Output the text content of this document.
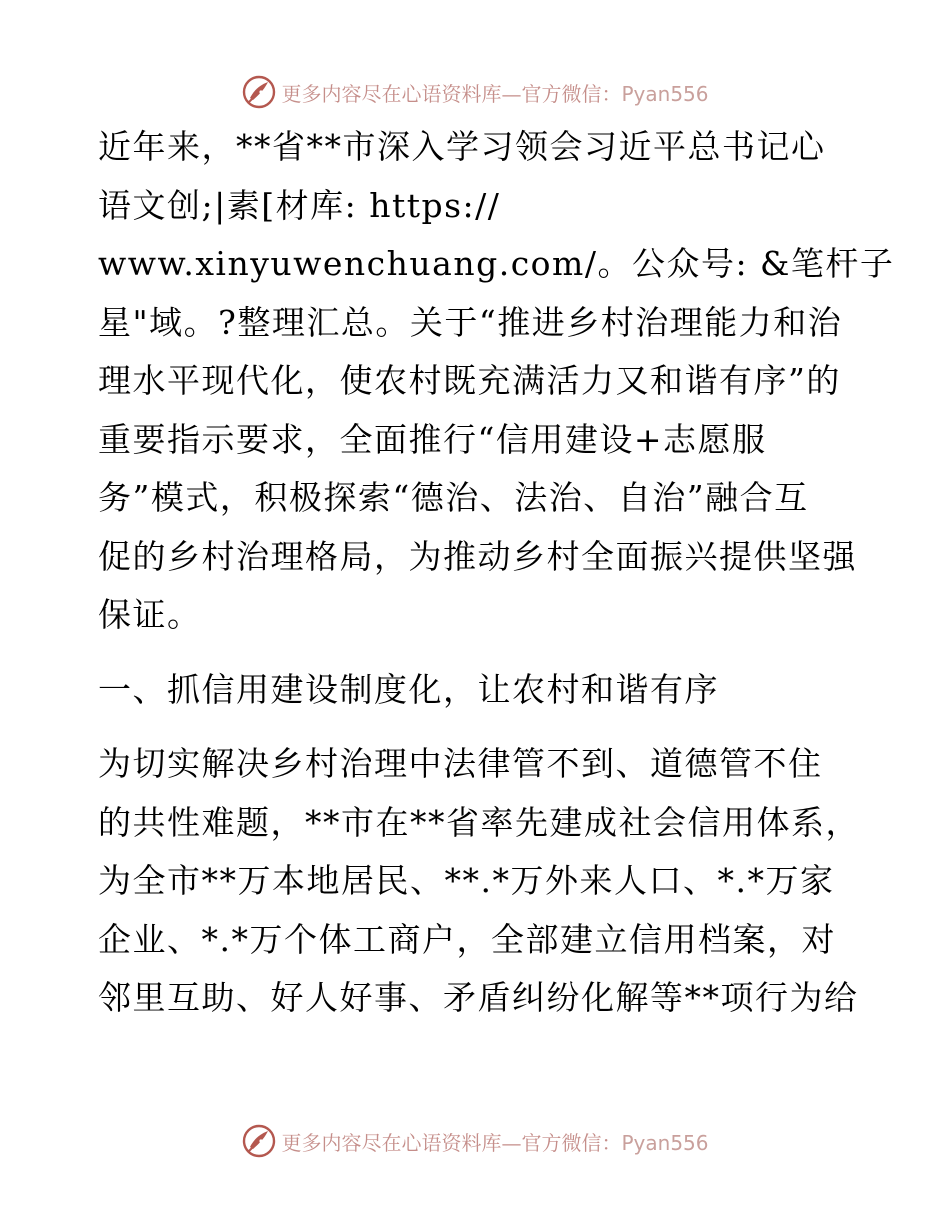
更多内容尽在心语资料库—官方微信：Pyan556

近年来，**省**市深入学习领会习近平总书记心
语文创;|素[材库: https://
www.xinyuwenchuang.com/。公众号: &笔杆子
星"域。?整理汇总。关于“推进乡村治理能力和治
理水平现代化，使农村既充满活力又和谐有序”的
重要指示要求，全面推行“信用建设+志愿服
务”模式，积极探索“德治、法治、自治”融合互
促的乡村治理格局，为推动乡村全面振兴提供坚强
保证。

一、抓信用建设制度化，让农村和谐有序

为切实解决乡村治理中法律管不到、道德管不住
的共性难题，**市在**省率先建成社会信用体系，
为全市**万本地居民、**.*万外来人口、*.*万家
企业、*.*万个体工商户，全部建立信用档案，对
邻里互助、好人好事、矛盾纠纷化解等**项行为给

更多内容尽在心语资料库—官方微信：Pyan556
